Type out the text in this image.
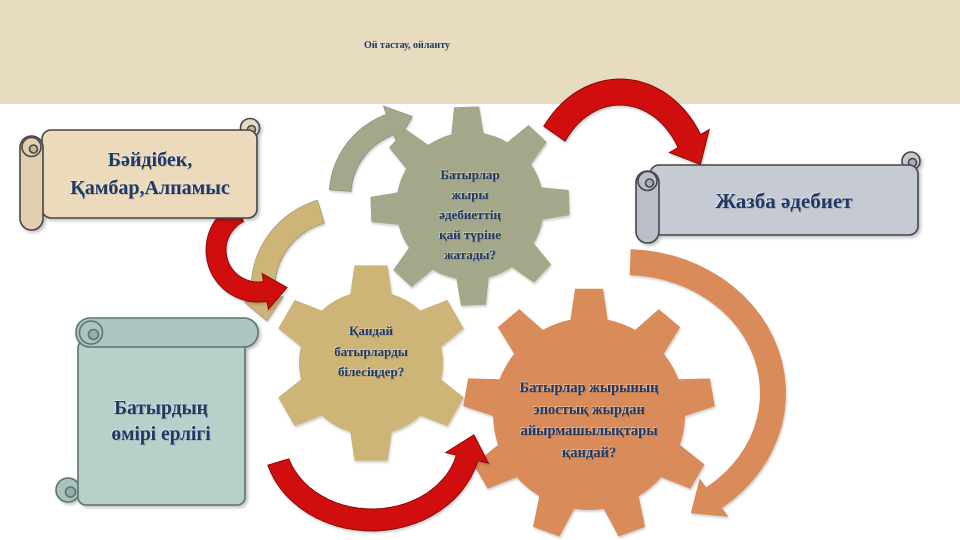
Ой тастау, ойланту
Бәйдібек,
Қамбар,Алпамыс
Батырлар
жыры
әдебиеттің
қай түріне
жатады?
Жазба әдебиет
Батырдың
өмірі ерлігі
Қандай
батырларды
білесіңдер?
Батырлар жырының
эпостық жырдан
айырмашылықтары
қандай?
